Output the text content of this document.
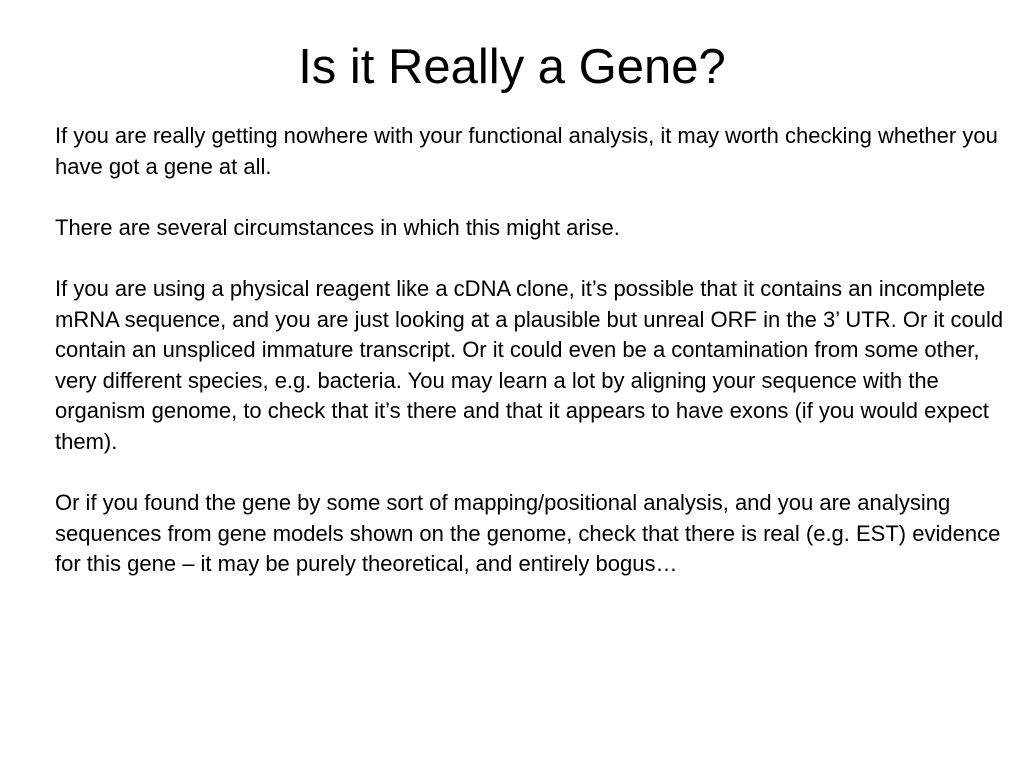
Is it Really a Gene?

If you are really getting nowhere with your functional analysis, it may worth checking whether you have got a gene at all.

There are several circumstances in which this might arise.

If you are using a physical reagent like a cDNA clone, it’s possible that it contains an incomplete mRNA sequence, and you are just looking at a plausible but unreal ORF in the 3’ UTR. Or it could contain an unspliced immature transcript. Or it could even be a contamination from some other, very different species, e.g. bacteria. You may learn a lot by aligning your sequence with the organism genome, to check that it’s there and that it appears to have exons (if you would expect them).

Or if you found the gene by some sort of mapping/positional analysis, and you are analysing sequences from gene models shown on the genome, check that there is real (e.g. EST) evidence for this gene – it may be purely theoretical, and entirely bogus…
